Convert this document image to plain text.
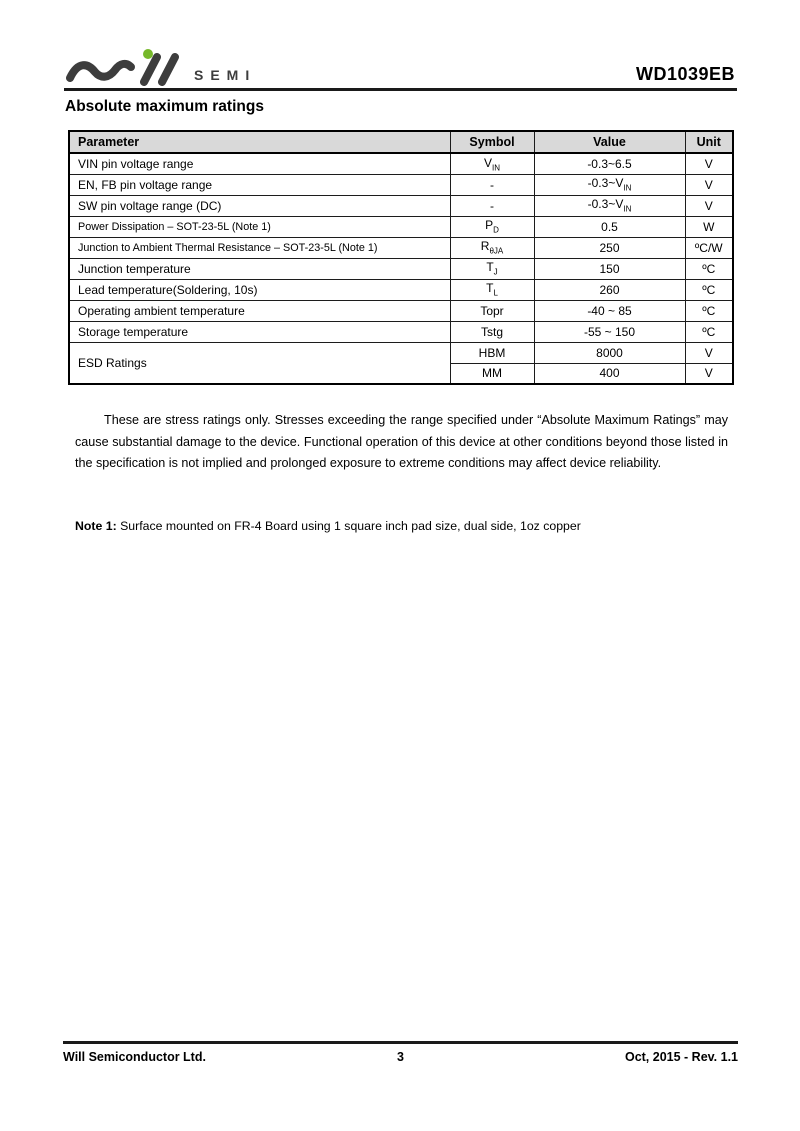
SEMI	WD1039EB
Absolute maximum ratings
Parameter	Symbol	Value	Unit
VIN pin voltage range	$V_{IN}$	-0.3~6.5	V
EN, FB pin voltage range	-	$-0.3\sim V_{IN}$	V
SW pin voltage range (DC)	-	$-0.3\sim V_{IN}$	V
Power Dissipation – SOT-23-5L (Note 1)	$P_D$	0.5	W
Junction to Ambient Thermal Resistance – SOT-23-5L (Note 1)	$R_{\theta JA}$	250	ºC/W
Junction temperature	$T_J$	150	ºC
Lead temperature(Soldering, 10s)	$T_L$	260	ºC
Operating ambient temperature	Topr	-40 ~ 85	ºC
Storage temperature	Tstg	-55 ~ 150	ºC
ESD Ratings	HBM	8000	V
	MM	400	V

These are stress ratings only. Stresses exceeding the range specified under “Absolute Maximum Ratings” may cause substantial damage to the device. Functional operation of this device at other conditions beyond those listed in the specification is not implied and prolonged exposure to extreme conditions may affect device reliability.

Note 1: Surface mounted on FR-4 Board using 1 square inch pad size, dual side, 1oz copper

Will Semiconductor Ltd.	3	Oct, 2015 - Rev. 1.1
